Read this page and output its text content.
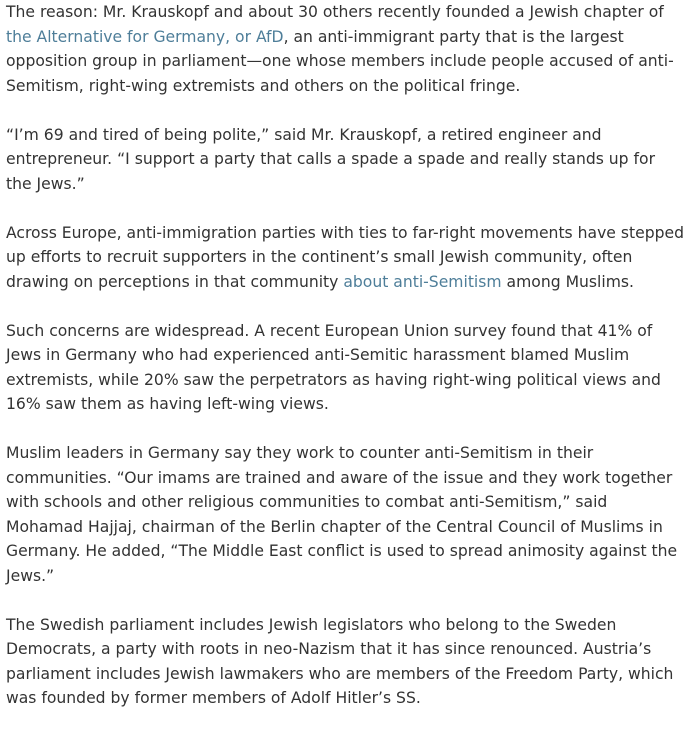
The reason: Mr. Krauskopf and about 30 others recently founded a Jewish chapter of the Alternative for Germany, or AfD, an anti-immigrant party that is the largest opposition group in parliament—one whose members include people accused of anti-Semitism, right-wing extremists and others on the political fringe.

“I’m 69 and tired of being polite,” said Mr. Krauskopf, a retired engineer and entrepreneur. “I support a party that calls a spade a spade and really stands up for the Jews.”

Across Europe, anti-immigration parties with ties to far-right movements have stepped up efforts to recruit supporters in the continent’s small Jewish community, often drawing on perceptions in that community about anti-Semitism among Muslims.

Such concerns are widespread. A recent European Union survey found that 41% of Jews in Germany who had experienced anti-Semitic harassment blamed Muslim extremists, while 20% saw the perpetrators as having right-wing political views and 16% saw them as having left-wing views.

Muslim leaders in Germany say they work to counter anti-Semitism in their communities. “Our imams are trained and aware of the issue and they work together with schools and other religious communities to combat anti-Semitism,” said Mohamad Hajjaj, chairman of the Berlin chapter of the Central Council of Muslims in Germany. He added, “The Middle East conflict is used to spread animosity against the Jews.”

The Swedish parliament includes Jewish legislators who belong to the Sweden Democrats, a party with roots in neo-Nazism that it has since renounced. Austria’s parliament includes Jewish lawmakers who are members of the Freedom Party, which was founded by former members of Adolf Hitler’s SS.
